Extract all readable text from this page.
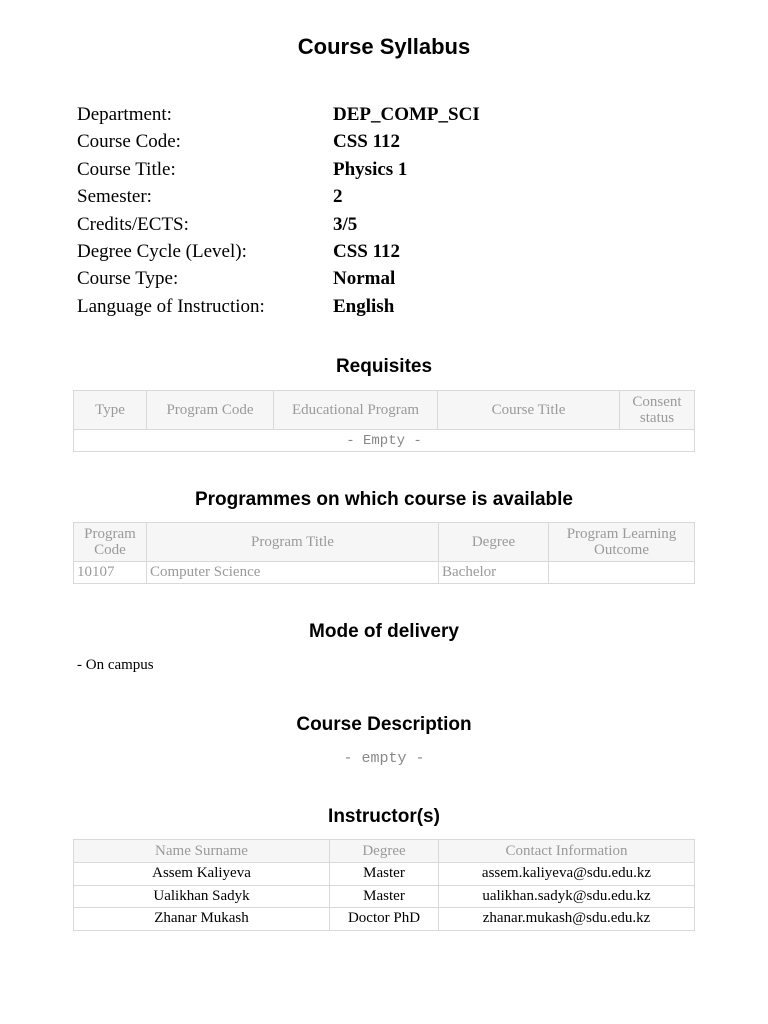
Course Syllabus
Department:	DEP_COMP_SCI
Course Code:	CSS 112
Course Title:	Physics 1
Semester:	2
Credits/ECTS:	3/5
Degree Cycle (Level):	CSS 112
Course Type:	Normal
Language of Instruction:	English
Requisites
Type	Program Code	Educational Program	Course Title	Consent status
- Empty -
Programmes on which course is available
Program Code	Program Title	Degree	Program Learning Outcome
10107	Computer Science	Bachelor	
Mode of delivery
- On campus
Course Description
- empty -
Instructor(s)
Name Surname	Degree	Contact Information
Assem Kaliyeva	Master	assem.kaliyeva@sdu.edu.kz
Ualikhan Sadyk	Master	ualikhan.sadyk@sdu.edu.kz
Zhanar Mukash	Doctor PhD	zhanar.mukash@sdu.edu.kz
